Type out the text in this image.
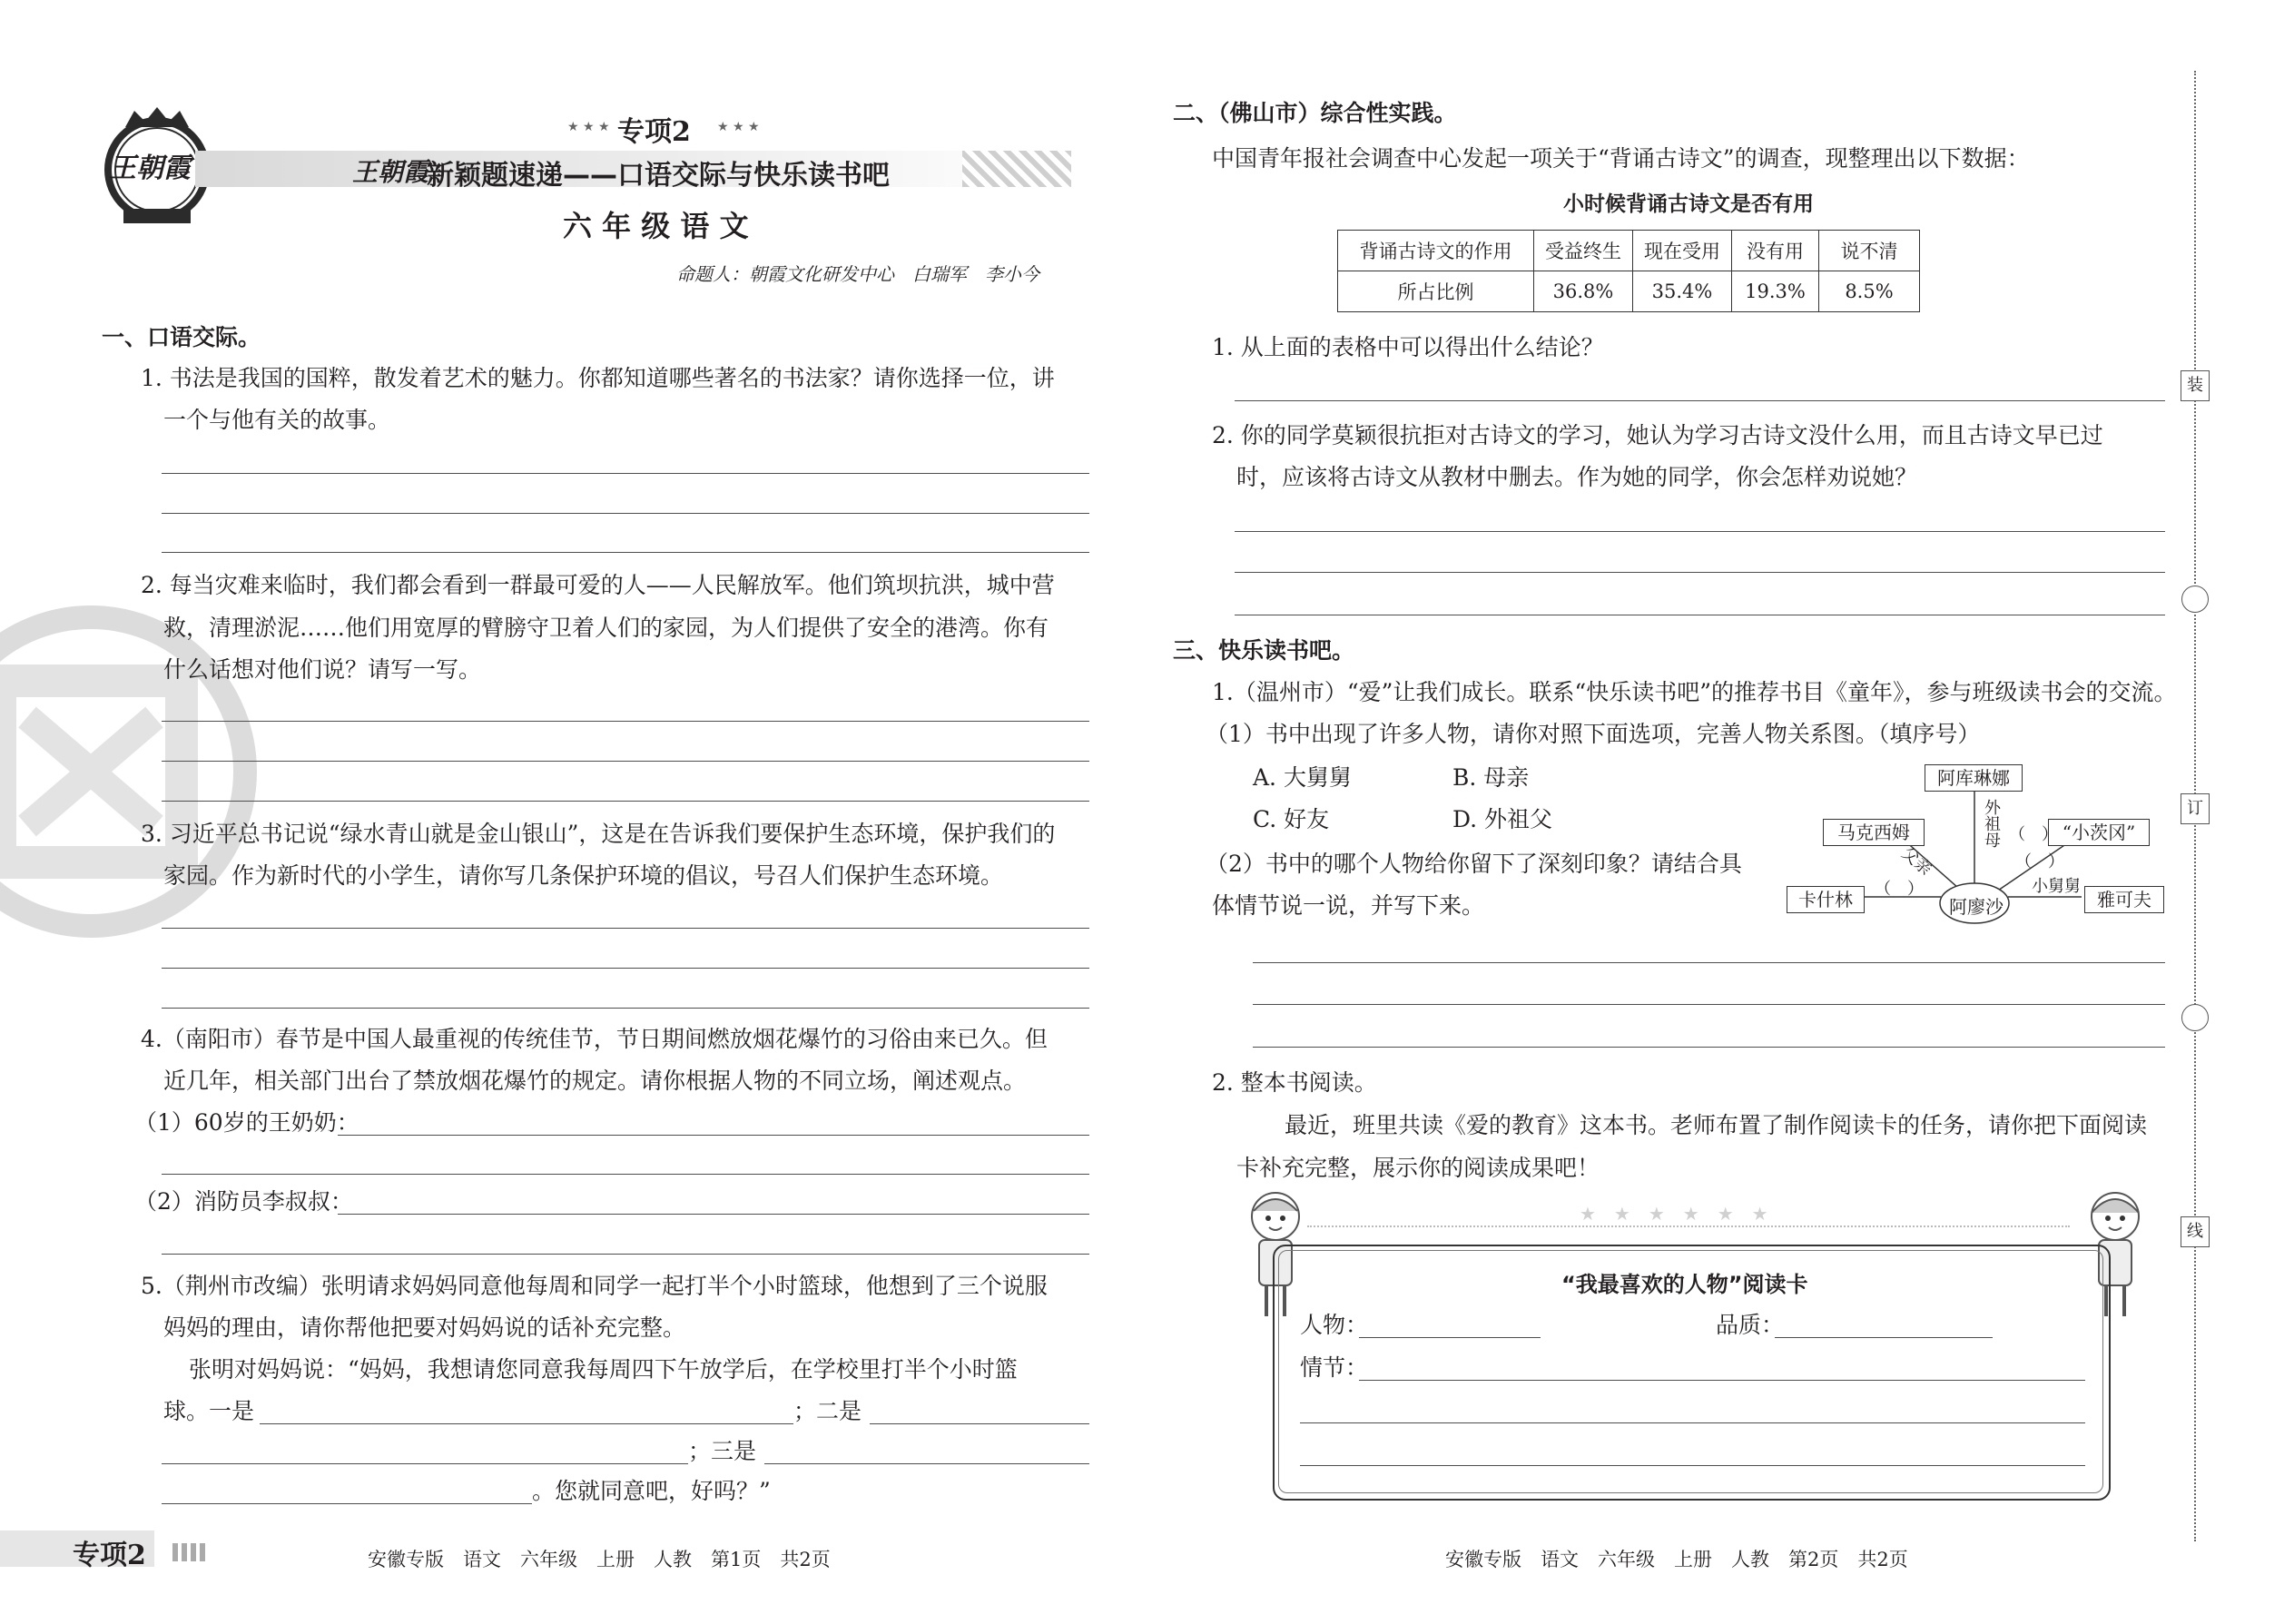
王朝霞
★ ★ ★ 专项2 ★ ★ ★
王朝霞
新颖题速递——口语交际与快乐读书吧
六 年 级 语 文
命题人：朝霞文化研发中心　白瑞军　李小今
一、口语交际。
1. 书法是我国的国粹，散发着艺术的魅力。你都知道哪些著名的书法家？请你选择一位，讲
一个与他有关的故事。
2. 每当灾难来临时，我们都会看到一群最可爱的人——人民解放军。他们筑坝抗洪，城中营
救，清理淤泥……他们用宽厚的臂膀守卫着人们的家园，为人们提供了安全的港湾。你有
什么话想对他们说？请写一写。
3. 习近平总书记说“绿水青山就是金山银山”，这是在告诉我们要保护生态环境，保护我们的
家园。作为新时代的小学生，请你写几条保护环境的倡议，号召人们保护生态环境。
4.（南阳市）春节是中国人最重视的传统佳节，节日期间燃放烟花爆竹的习俗由来已久。但
近几年，相关部门出台了禁放烟花爆竹的规定。请你根据人物的不同立场，阐述观点。
（1）60岁的王奶奶：
（2）消防员李叔叔：
5.（荆州市改编）张明请求妈妈同意他每周和同学一起打半个小时篮球，他想到了三个说服
妈妈的理由，请你帮他把要对妈妈说的话补充完整。
张明对妈妈说：“妈妈，我想请您同意我每周四下午放学后，在学校里打半个小时篮
球。一是	；二是
；三是
。您就同意吧，好吗？”
专项2	安徽专版　语文　六年级　上册　人教　第1页　共2页
二、（佛山市）综合性实践。
中国青年报社会调查中心发起一项关于“背诵古诗文”的调查，现整理出以下数据：
小时候背诵古诗文是否有用
背诵古诗文的作用	受益终生	现在受用	没有用	说不清
所占比例	36.8%	35.4%	19.3%	8.5%
1. 从上面的表格中可以得出什么结论？
2. 你的同学莫颖很抗拒对古诗文的学习，她认为学习古诗文没什么用，而且古诗文早已过
时，应该将古诗文从教材中删去。作为她的同学，你会怎样劝说她？
三、快乐读书吧。
1.（温州市）“爱”让我们成长。联系“快乐读书吧”的推荐书目《童年》，参与班级读书会的交流。
（1）书中出现了许多人物，请你对照下面选项，完善人物关系图。（填序号）
A. 大舅舅	B. 母亲
C. 好友	D. 外祖父
（2）书中的哪个人物给你留下了深刻印象？请结合具
体情节说一说，并写下来。
阿库琳娜
马克西姆	“小茨冈”
卡什林	雅可夫
阿廖沙
外祖母
父亲
小舅舅
（　）
（　）
（　）
2. 整本书阅读。
最近，班里共读《爱的教育》这本书。老师布置了制作阅读卡的任务，请你把下面阅读
卡补充完整，展示你的阅读成果吧！
★★★★★★
“我最喜欢的人物”阅读卡
人物：	品质：
情节：
安徽专版　语文　六年级　上册　人教　第2页　共2页
装
订
线
